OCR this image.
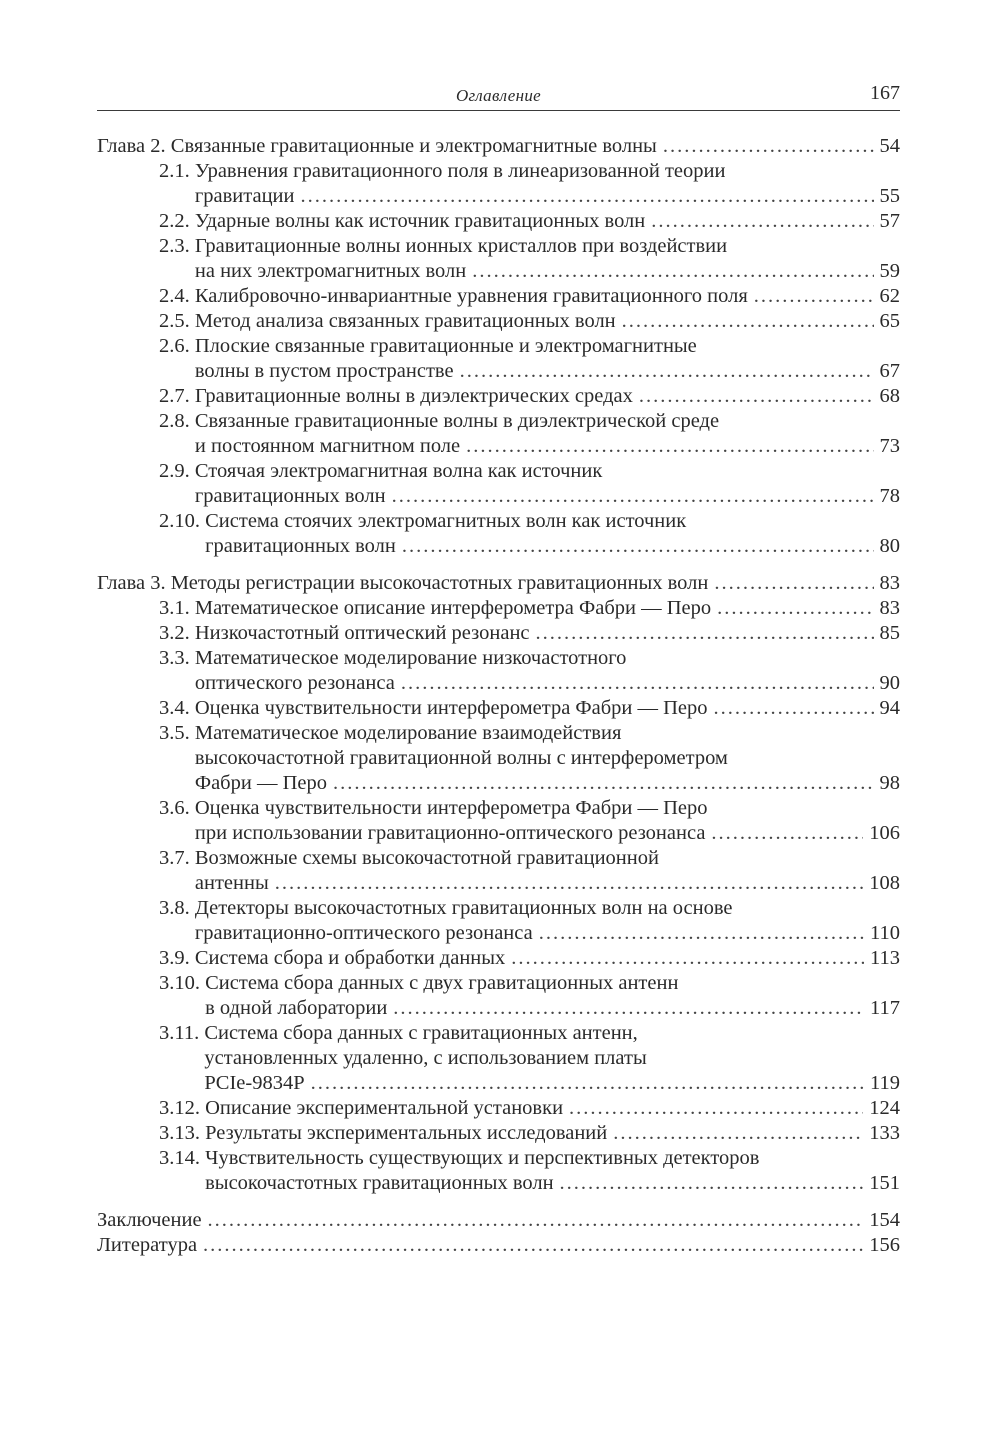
Оглавление	167
Глава 2. Связанные гравитационные и электромагнитные волны .....	54
2.1. Уравнения гравитационного поля в линеаризованной теории
гравитации .....	55
2.2. Ударные волны как источник гравитационных волн .....	57
2.3. Гравитационные волны ионных кристаллов при воздействии
на них электромагнитных волн .....	59
2.4. Калибровочно-инвариантные уравнения гравитационного поля .....	62
2.5. Метод анализа связанных гравитационных волн .....	65
2.6. Плоские связанные гравитационные и электромагнитные
волны в пустом пространстве .....	67
2.7. Гравитационные волны в диэлектрических средах .....	68
2.8. Связанные гравитационные волны в диэлектрической среде
и постоянном магнитном поле .....	73
2.9. Стоячая электромагнитная волна как источник
гравитационных волн .....	78
2.10. Система стоячих электромагнитных волн как источник
гравитационных волн .....	80
Глава 3. Методы регистрации высокочастотных гравитационных волн .....	83
3.1. Математическое описание интерферометра Фабри — Перо .....	83
3.2. Низкочастотный оптический резонанс .....	85
3.3. Математическое моделирование низкочастотного
оптического резонанса .....	90
3.4. Оценка чувствительности интерферометра Фабри — Перо .....	94
3.5. Математическое моделирование взаимодействия
высокочастотной гравитационной волны с интерферометром
Фабри — Перо .....	98
3.6. Оценка чувствительности интерферометра Фабри — Перо
при использовании гравитационно-оптического резонанса .....	106
3.7. Возможные схемы высокочастотной гравитационной
антенны .....	108
3.8. Детекторы высокочастотных гравитационных волн на основе
гравитационно-оптического резонанса .....	110
3.9. Система сбора и обработки данных .....	113
3.10. Система сбора данных с двух гравитационных антенн
в одной лаборатории .....	117
3.11. Система сбора данных с гравитационных антенн,
установленных удаленно, с использованием платы
PCIe-9834P .....	119
3.12. Описание экспериментальной установки .....	124
3.13. Результаты экспериментальных исследований .....	133
3.14. Чувствительность существующих и перспективных детекторов
высокочастотных гравитационных волн .....	151
Заключение .....	154
Литература .....	156
